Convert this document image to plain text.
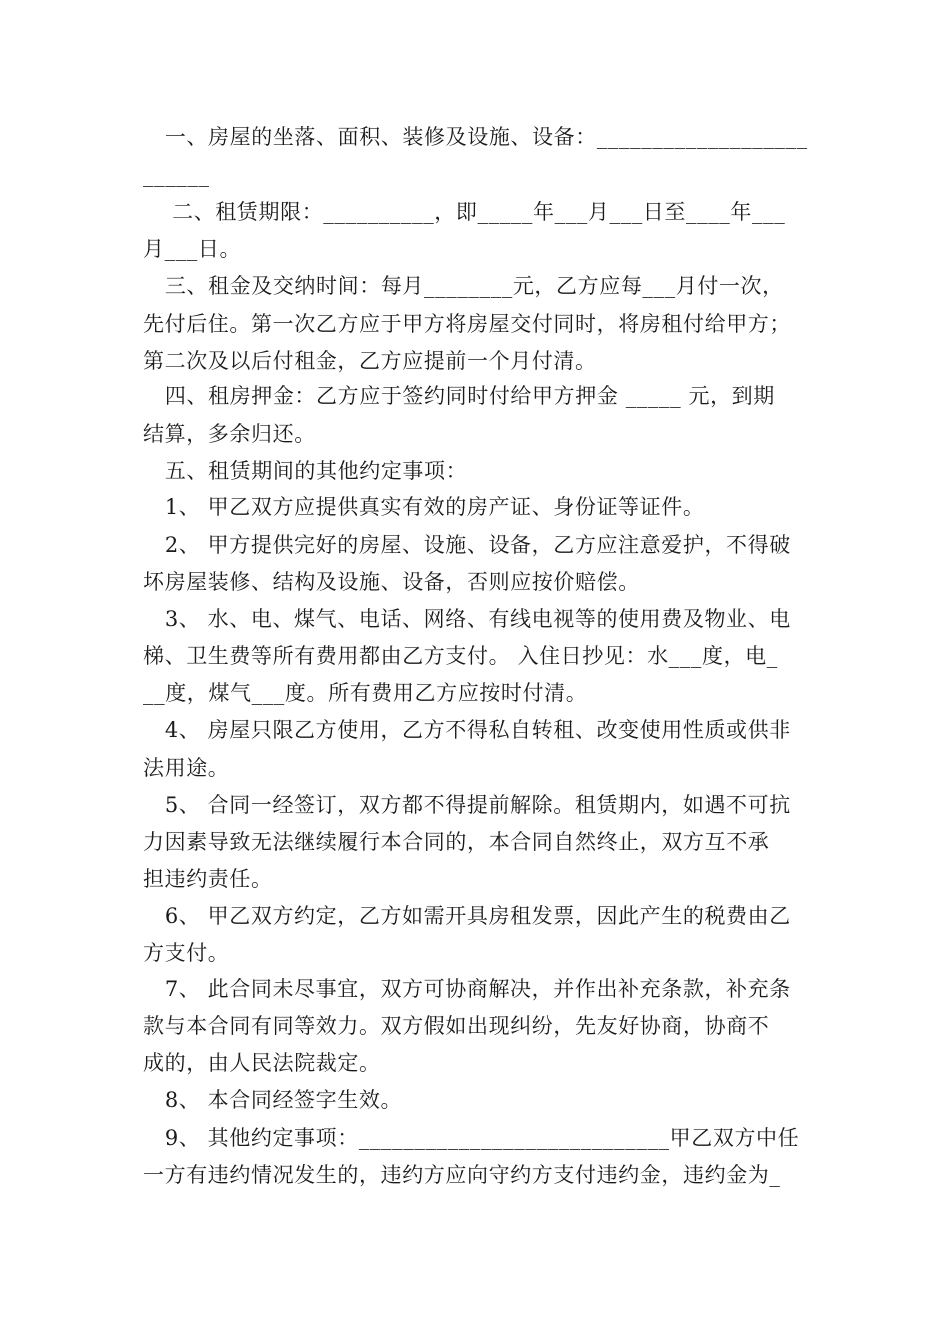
一、房屋的坐落、面积、装修及设施、设备：___________________
______
二、租赁期限：__________，即_____年___月___日至____年___
月___日。
三、租金及交纳时间：每月________元，乙方应每___月付一次，
先付后住。第一次乙方应于甲方将房屋交付同时，将房租付给甲方；
第二次及以后付租金，乙方应提前一个月付清。
四、租房押金：乙方应于签约同时付给甲方押金 _____ 元，到期
结算，多余归还。
五、租赁期间的其他约定事项：
1、 甲乙双方应提供真实有效的房产证、身份证等证件。
2、 甲方提供完好的房屋、设施、设备，乙方应注意爱护，不得破
坏房屋装修、结构及设施、设备，否则应按价赔偿。
3、 水、电、煤气、电话、网络、有线电视等的使用费及物业、电
梯、卫生费等所有费用都由乙方支付。 入住日抄见：水___度，电_
__度，煤气___度。所有费用乙方应按时付清。
4、 房屋只限乙方使用，乙方不得私自转租、改变使用性质或供非
法用途。
5、 合同一经签订，双方都不得提前解除。租赁期内，如遇不可抗
力因素导致无法继续履行本合同的，本合同自然终止，双方互不承
担违约责任。
6、 甲乙双方约定，乙方如需开具房租发票，因此产生的税费由乙
方支付。
7、 此合同未尽事宜，双方可协商解决，并作出补充条款，补充条
款与本合同有同等效力。双方假如出现纠纷，先友好协商，协商不
成的，由人民法院裁定。
8、 本合同经签字生效。
9、 其他约定事项：____________________________甲乙双方中任
一方有违约情况发生的，违约方应向守约方支付违约金，违约金为_
